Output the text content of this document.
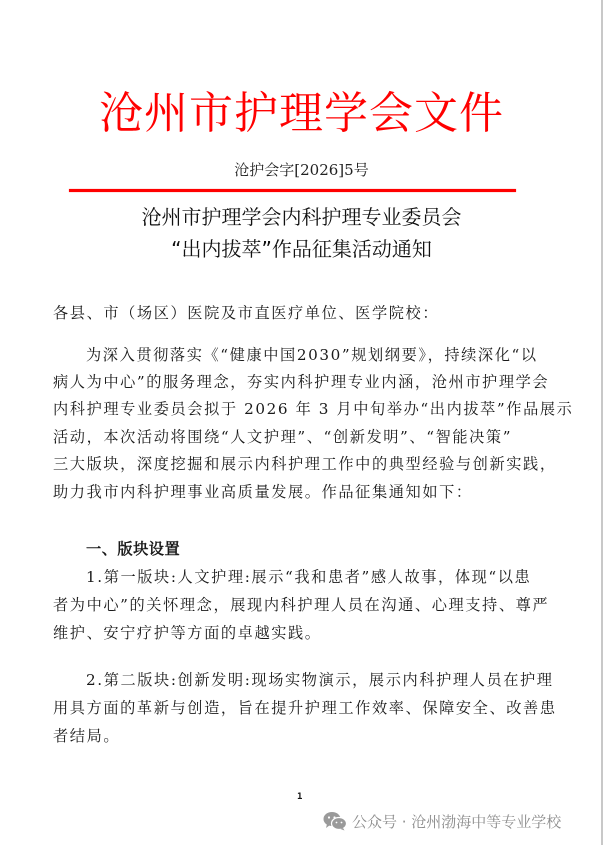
沧州市护理学会文件
沧护会字[2026]5号
沧州市护理学会内科护理专业委员会
“出内拔萃”作品征集活动通知
各县、市（场区）医院及市直医疗单位、医学院校：
为深入贯彻落实《“健康中国2030”规划纲要》，持续深化“以
病人为中心”的服务理念，夯实内科护理专业内涵，沧州市护理学会
内科护理专业委员会拟于 2026 年 3 月中旬举办“出内拔萃”作品展示
活动，本次活动将围绕“人文护理”、“创新发明”、“智能决策”
三大版块，深度挖掘和展示内科护理工作中的典型经验与创新实践，
助力我市内科护理事业高质量发展。作品征集通知如下：
一、版块设置
1.第一版块:人文护理:展示“我和患者”感人故事，体现“以患
者为中心”的关怀理念，展现内科护理人员在沟通、心理支持、尊严
维护、安宁疗护等方面的卓越实践。
2.第二版块:创新发明:现场实物演示，展示内科护理人员在护理
用具方面的革新与创造，旨在提升护理工作效率、保障安全、改善患
者结局。
1
公众号 · 沧州渤海中等专业学校
